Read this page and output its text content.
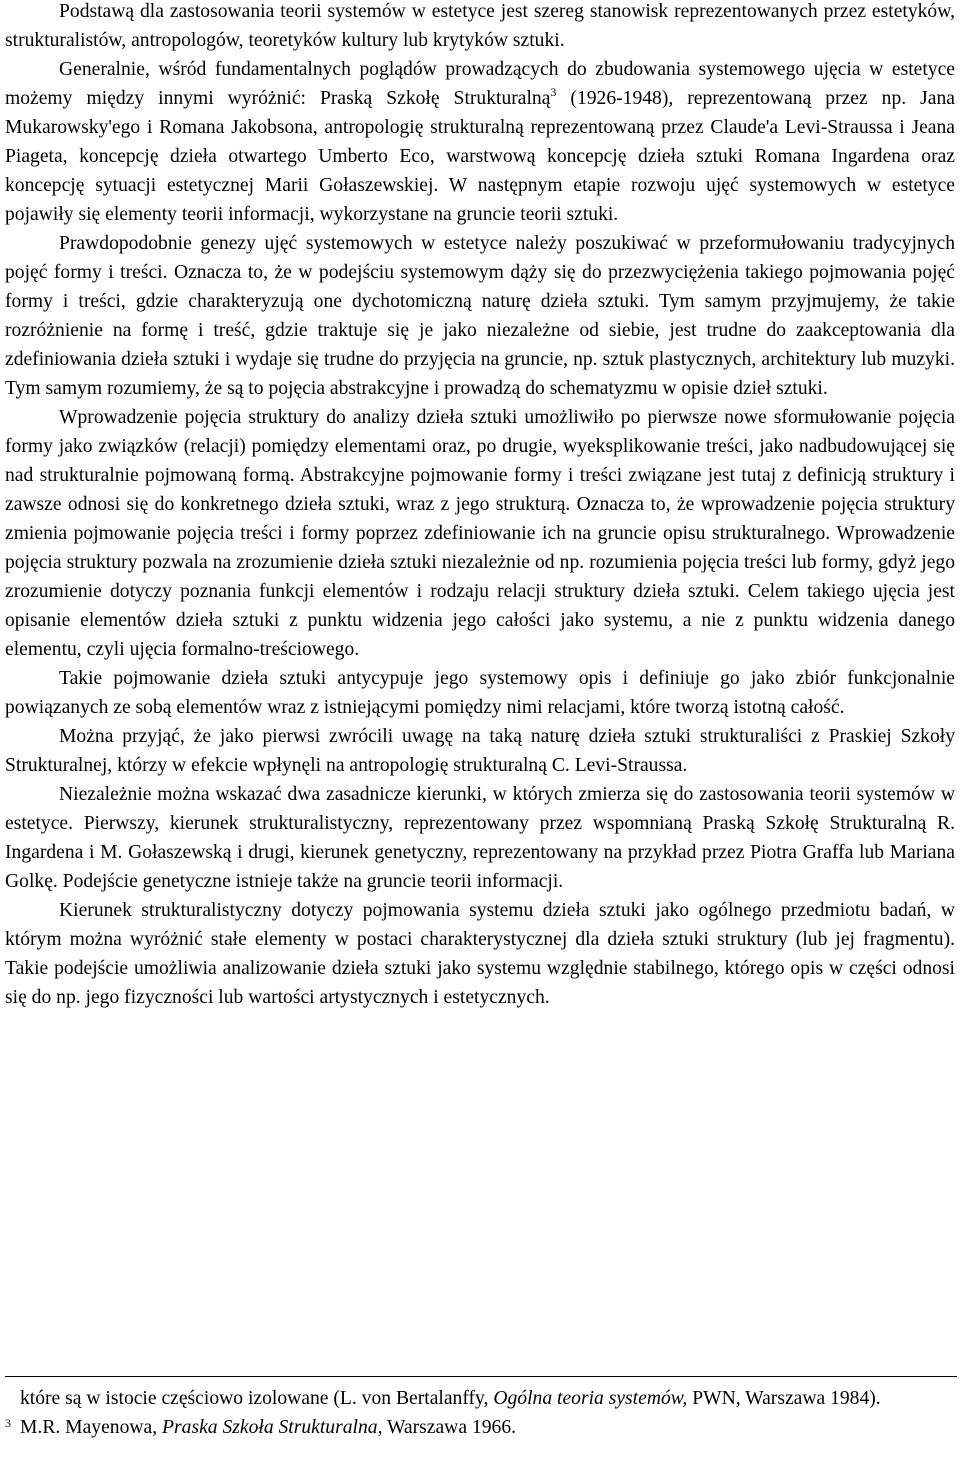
Podstawą dla zastosowania teorii systemów w estetyce jest szereg stanowisk reprezentowanych przez estetyków, strukturalistów, antropologów, teoretyków kultury lub krytyków sztuki.

Generalnie, wśród fundamentalnych poglądów prowadzących do zbudowania systemowego ujęcia w estetyce możemy między innymi wyróżnić: Praską Szkołę Strukturalną$^3$ (1926-1948), reprezentowaną przez np. Jana Mukarowsky'ego i Romana Jakobsona, antropologię strukturalną reprezentowaną przez Claude'a Levi-Straussa i Jeana Piageta, koncepcję dzieła otwartego Umberto Eco, warstwową koncepcję dzieła sztuki Romana Ingardena oraz koncepcję sytuacji estetycznej Marii Gołaszewskiej. W następnym etapie rozwoju ujęć systemowych w estetyce pojawiły się elementy teorii informacji, wykorzystane na gruncie teorii sztuki.

Prawdopodobnie genezy ujęć systemowych w estetyce należy poszukiwać w przeformułowaniu tradycyjnych pojęć formy i treści. Oznacza to, że w podejściu systemowym dąży się do przezwyciężenia takiego pojmowania pojęć formy i treści, gdzie charakteryzują one dychotomiczną naturę dzieła sztuki. Tym samym przyjmujemy, że takie rozróżnienie na formę i treść, gdzie traktuje się je jako niezależne od siebie, jest trudne do zaakceptowania dla zdefiniowania dzieła sztuki i wydaje się trudne do przyjęcia na gruncie, np. sztuk plastycznych, architektury lub muzyki. Tym samym rozumiemy, że są to pojęcia abstrakcyjne i prowadzą do schematyzmu w opisie dzieł sztuki.

Wprowadzenie pojęcia struktury do analizy dzieła sztuki umożliwiło po pierwsze nowe sformułowanie pojęcia formy jako związków (relacji) pomiędzy elementami oraz, po drugie, wyeksplikowanie treści, jako nadbudowującej się nad strukturalnie pojmowaną formą. Abstrakcyjne pojmowanie formy i treści związane jest tutaj z definicją struktury i zawsze odnosi się do konkretnego dzieła sztuki, wraz z jego strukturą. Oznacza to, że wprowadzenie pojęcia struktury zmienia pojmowanie pojęcia treści i formy poprzez zdefiniowanie ich na gruncie opisu strukturalnego. Wprowadzenie pojęcia struktury pozwala na zrozumienie dzieła sztuki niezależnie od np. rozumienia pojęcia treści lub formy, gdyż jego zrozumienie dotyczy poznania funkcji elementów i rodzaju relacji struktury dzieła sztuki. Celem takiego ujęcia jest opisanie elementów dzieła sztuki z punktu widzenia jego całości jako systemu, a nie z punktu widzenia danego elementu, czyli ujęcia formalno-treściowego.

Takie pojmowanie dzieła sztuki antycypuje jego systemowy opis i definiuje go jako zbiór funkcjonalnie powiązanych ze sobą elementów wraz z istniejącymi pomiędzy nimi relacjami, które tworzą istotną całość.

Można przyjąć, że jako pierwsi zwrócili uwagę na taką naturę dzieła sztuki strukturaliści z Praskiej Szkoły Strukturalnej, którzy w efekcie wpłynęli na antropologię strukturalną C. Levi-Straussa.

Niezależnie można wskazać dwa zasadnicze kierunki, w których zmierza się do zastosowania teorii systemów w estetyce. Pierwszy, kierunek strukturalistyczny, reprezentowany przez wspomnianą Praską Szkołę Strukturalną R. Ingardena i M. Gołaszewską i drugi, kierunek genetyczny, reprezentowany na przykład przez Piotra Graffa lub Mariana Golkę. Podejście genetyczne istnieje także na gruncie teorii informacji.

Kierunek strukturalistyczny dotyczy pojmowania systemu dzieła sztuki jako ogólnego przedmiotu badań, w którym można wyróżnić stałe elementy w postaci charakterystycznej dla dzieła sztuki struktury (lub jej fragmentu). Takie podejście umożliwia analizowanie dzieła sztuki jako systemu względnie stabilnego, którego opis w części odnosi się do np. jego fizyczności lub wartości artystycznych i estetycznych.

które są w istocie częściowo izolowane (L. von Bertalanffy, Ogólna teoria systemów, PWN, Warszawa 1984).

3 M.R. Mayenowa, Praska Szkoła Strukturalna, Warszawa 1966.
